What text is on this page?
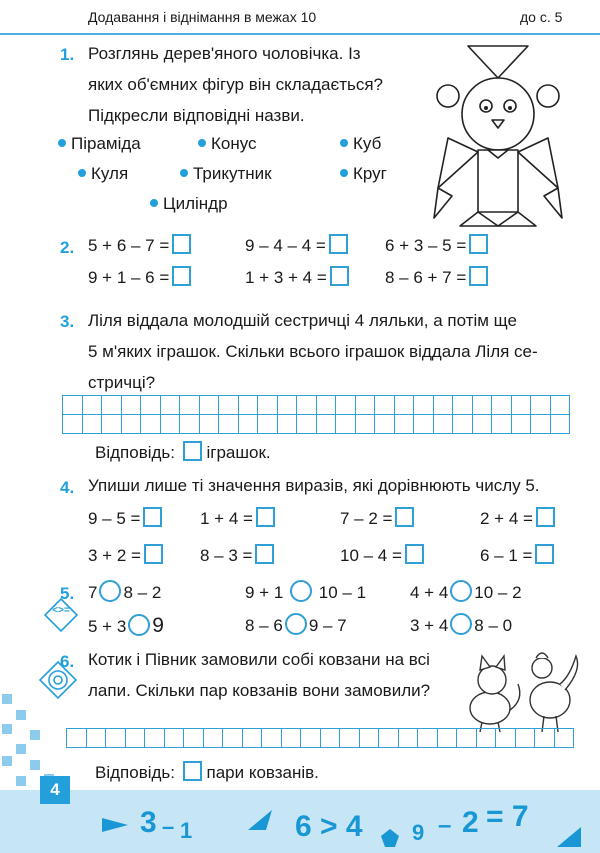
Додавання і віднімання в межах 10	до с. 5
1. Розглянь дерев'яного чоловічка. Із
яких об'ємних фігур він складається?
Підкресли відповідні назви.
Піраміда	Конус	Куб
Куля	Трикутник	Круг
Циліндр
2. 5 + 6 – 7 =	9 – 4 – 4 =	6 + 3 – 5 =
9 + 1 – 6 =	1 + 3 + 4 =	8 – 6 + 7 =
3. Ліля віддала молодшій сестричці 4 ляльки, а потім ще
5 м'яких іграшок. Скільки всього іграшок віддала Ліля се-
стричці?
Відповідь: іграшок.
4. Упиши лише ті значення виразів, які дорівнюють числу 5.
9 – 5 =	1 + 4 =	7 – 2 =	2 + 4 =
3 + 2 =	8 – 3 =	10 – 4 =	6 – 1 =
5. 7 8 – 2	9 + 1 10 – 1	4 + 4 10 – 2
5 + 3 9	8 – 6 9 – 7	3 + 4 8 – 0
<>=
6. Котик і Півник замовили собі ковзани на всі
лапи. Скільки пар ковзанів вони замовили?
Відповідь: пари ковзанів.
4
3 – 1	6 > 4 9 – 2 = 7
